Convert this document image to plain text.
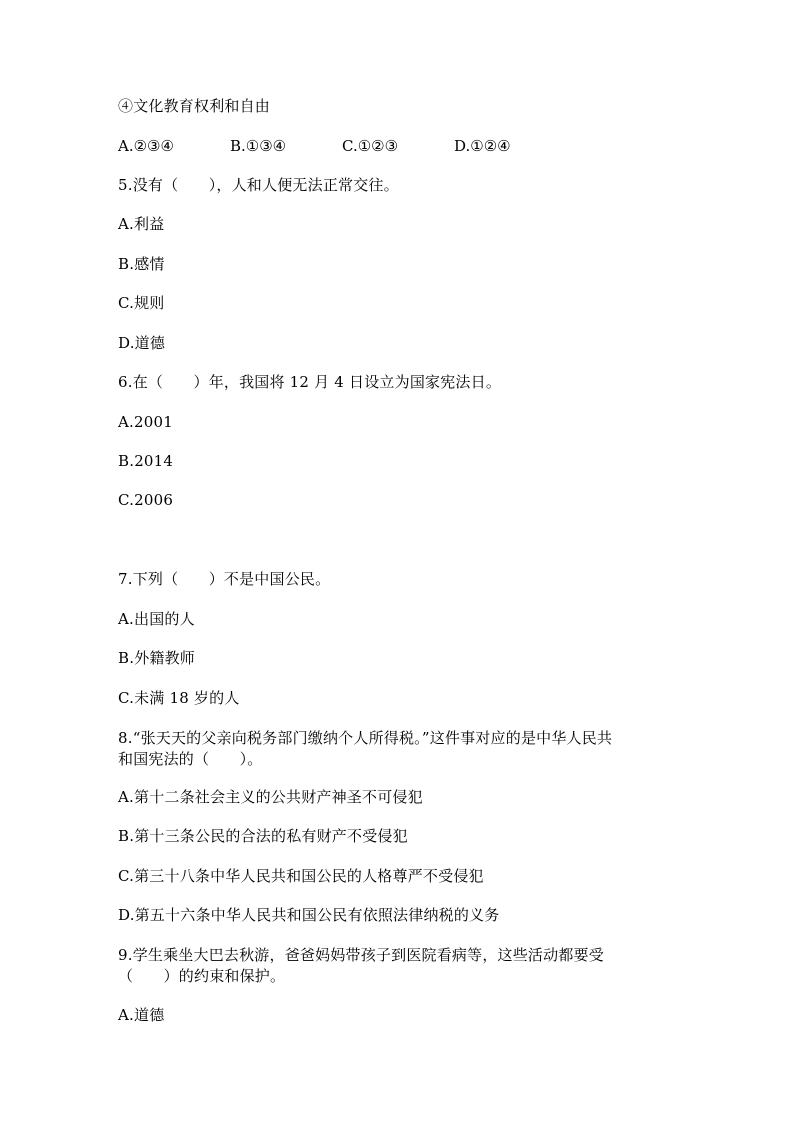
④文化教育权利和自由
A.②③④	B.①③④	C.①②③	D.①②④
5.没有（　　），人和人便无法正常交往。
A.利益
B.感情
C.规则
D.道德
6.在（　　）年，我国将 12 月 4 日设立为国家宪法日。
A.2001
B.2014
C.2006
7.下列（　　）不是中国公民。
A.出国的人
B.外籍教师
C.未满 18 岁的人
8.“张天天的父亲向税务部门缴纳个人所得税。”这件事对应的是中华人民共
和国宪法的（　　）。
A.第十二条社会主义的公共财产神圣不可侵犯
B.第十三条公民的合法的私有财产不受侵犯
C.第三十八条中华人民共和国公民的人格尊严不受侵犯
D.第五十六条中华人民共和国公民有依照法律纳税的义务
9.学生乘坐大巴去秋游，爸爸妈妈带孩子到医院看病等，这些活动都要受
（　　）的约束和保护。
A.道德
